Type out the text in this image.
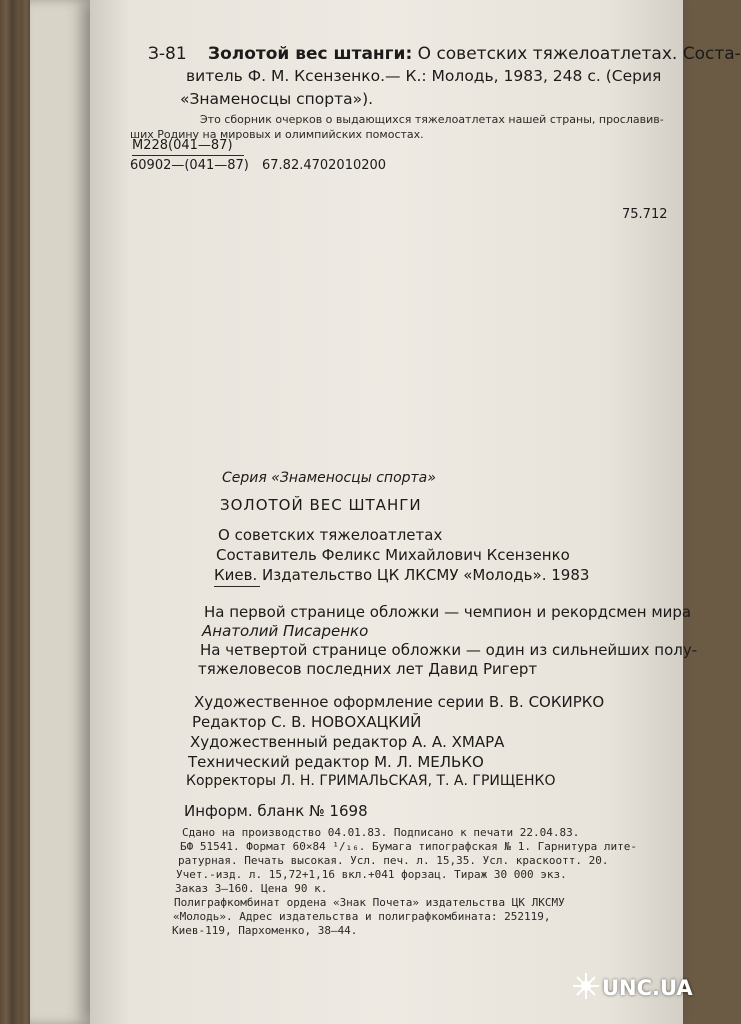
З-81 Золотой вес штанги: О советских тяжелоатлетах. Соста-
витель Ф. М. Ксензенко.— К.: Молодь, 1983, 248 с. (Серия
«Знаменосцы спорта»).
Это сборник очерков о выдающихся тяжелоатлетах нашей страны, прославив-
ших Родину на мировых и олимпийских помостах.
М228(041—87)
60902—(041—87) 67.82.4702010200
75.712
Серия «Знаменосцы спорта»
ЗОЛОТОЙ ВЕС ШТАНГИ
О советских тяжелоатлетах
Составитель Феликс Михайлович Ксензенко
Киев. Издательство ЦК ЛКСМУ «Молодь». 1983
На первой странице обложки — чемпион и рекордсмен мира
Анатолий Писаренко
На четвертой странице обложки — один из сильнейших полу-
тяжеловесов последних лет Давид Ригерт
Художественное оформление серии В. В. СОКИРКО
Редактор С. В. НОВОХАЦКИЙ
Художественный редактор А. А. ХМАРА
Технический редактор М. Л. МЕЛЬКО
Корректоры Л. Н. ГРИМАЛЬСКАЯ, Т. А. ГРИЩЕНКО
Информ. бланк № 1698
Сдано на производство 04.01.83. Подписано к печати 22.04.83.
БФ 51541. Формат 60×84 ¹/₁₆. Бумага типографская № 1. Гарнитура лите-
ратурная. Печать высокая. Усл. печ. л. 15,35. Усл. краскоотт. 20.
Учет.-изд. л. 15,72+1,16 вкл.+041 форзац. Тираж 30 000 экз.
Заказ 3—160. Цена 90 к.
Полиграфкомбинат ордена «Знак Почета» издательства ЦК ЛКСМУ
«Молодь». Адрес издательства и полиграфкомбината: 252119,
Киев-119, Пархоменко, 38—44.
UNC.UA
